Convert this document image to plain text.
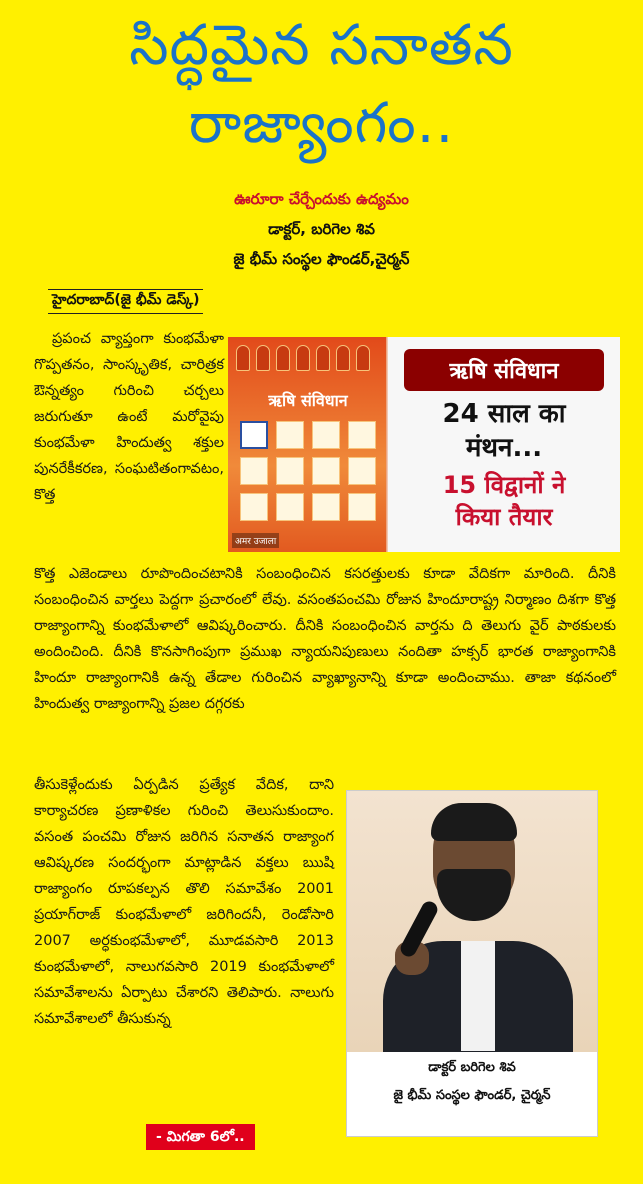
సిద్ధమైన సనాతన
రాజ్యాంగం..
ఊరూరా చేర్చేందుకు ఉద్యమం
డాక్టర్, బరిగెల శివ
జై భీమ్ సంస్థల ఫౌండర్,చైర్మన్
హైదరాబాద్(జై భీమ్ డెస్క్)
ऋषि संविधान
अमर उजाला
ऋषि संविधान
24 साल का
मंथन...
15 विद्वानों ने
किया तैयार
ప్రపంచ వ్యాప్తంగా కుంభమేళా గొప్పతనం, సాంస్కృతిక, చారిత్రక ఔన్నత్యం గురించి చర్చలు జరుగుతూ ఉంటే మరోవైపు కుంభమేళా హిందుత్వ శక్తుల పునరేకీకరణ, సంఘటితంగావటం, కొత్త
కొత్త ఎజెండాలు రూపొందించటానికి సంబంధించిన కసరత్తులకు కూడా వేదికగా మారింది. దీనికి సంబంధించిన వార్తలు పెద్దగా ప్రచారంలో లేవు. వసంతపంచమి రోజున హిందూరాష్ట్ర నిర్మాణం దిశగా కొత్త రాజ్యాంగాన్ని కుంభమేళాలో ఆవిష్కరించారు. దీనికి సంబంధించిన వార్తను ది తెలుగు వైర్ పాఠకులకు అందించింది. దీనికి కొనసాగింపుగా ప్రముఖ న్యాయనిపుణులు నందితా హక్సర్ భారత రాజ్యాంగానికి హిందూ రాజ్యాంగానికి ఉన్న తేడాల గురించిన వ్యాఖ్యానాన్ని కూడా అందించాము. తాజా కథనంలో హిందుత్వ రాజ్యాంగాన్ని ప్రజల దగ్గరకు
తీసుకెళ్లేందుకు ఏర్పడిన ప్రత్యేక వేదిక, దాని కార్యాచరణ ప్రణాళికల గురించి తెలుసుకుందాం. వసంత పంచమి రోజున జరిగిన సనాతన రాజ్యాంగ ఆవిష్కరణ సందర్భంగా మాట్లాడిన వక్తలు ఋషి రాజ్యాంగం రూపకల్పన తొలి సమావేశం 2001 ప్రయాగ్‌రాజ్ కుంభమేళాలో జరిగిందనీ, రెండోసారి 2007 అర్ధకుంభమేళాలో, మూడవసారి 2013 కుంభమేళాలో, నాలుగవసారి 2019 కుంభమేళాలో సమావేశాలను ఏర్పాటు చేశారని తెలిపారు. నాలుగు సమావేశాలలో తీసుకున్న
డాక్టర్ బరిగెల శివ
జై భీమ్ సంస్థల ఫౌండర్, చైర్మన్
- మిగతా 6లో..
